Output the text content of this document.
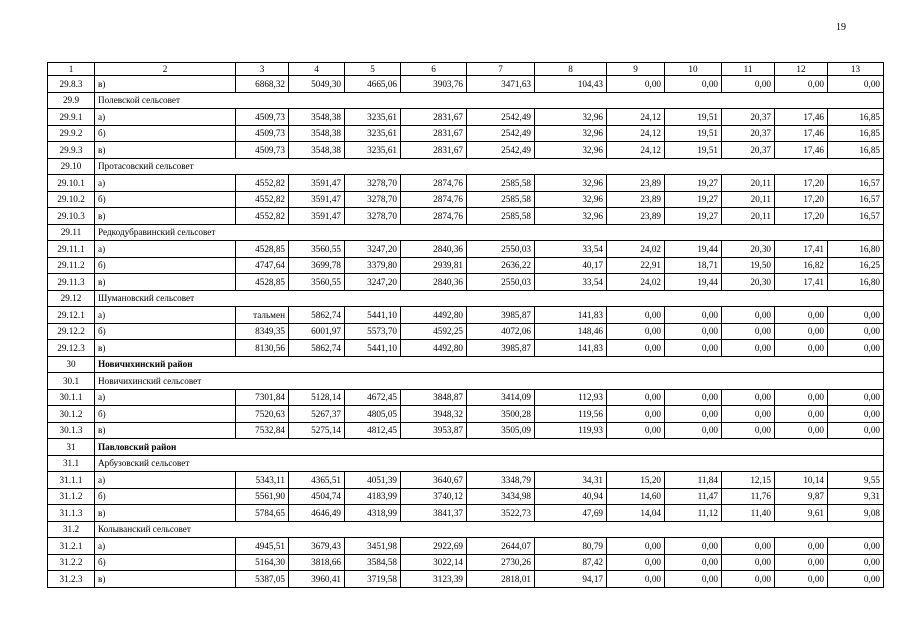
19
1	2	3	4	5	6	7	8	9	10	11	12	13
29.8.3	в)	6868,32	5049,30	4665,06	3903,76	3471,63	104,43	0,00	0,00	0,00	0,00	0,00
29.9	Полевской сельсовет											
29.9.1	а)	4509,73	3548,38	3235,61	2831,67	2542,49	32,96	24,12	19,51	20,37	17,46	16,85
29.9.2	б)	4509,73	3548,38	3235,61	2831,67	2542,49	32,96	24,12	19,51	20,37	17,46	16,85
29.9.3	в)	4509,73	3548,38	3235,61	2831,67	2542,49	32,96	24,12	19,51	20,37	17,46	16,85
29.10	Протасовский сельсовет											
29.10.1	а)	4552,82	3591,47	3278,70	2874,76	2585,58	32,96	23,89	19,27	20,11	17,20	16,57
29.10.2	б)	4552,82	3591,47	3278,70	2874,76	2585,58	32,96	23,89	19,27	20,11	17,20	16,57
29.10.3	в)	4552,82	3591,47	3278,70	2874,76	2585,58	32,96	23,89	19,27	20,11	17,20	16,57
29.11	Редкодубравинский сельсовет											
29.11.1	а)	4528,85	3560,55	3247,20	2840,36	2550,03	33,54	24,02	19,44	20,30	17,41	16,80
29.11.2	б)	4747,64	3699,78	3379,80	2939,81	2636,22	40,17	22,91	18,71	19,50	16,82	16,25
29.11.3	в)	4528,85	3560,55	3247,20	2840,36	2550,03	33,54	24,02	19,44	20,30	17,41	16,80
29.12	Шумановский сельсовет											
29.12.1	а)	тальмен	5862,74	5441,10	4492,80	3985,87	141,83	0,00	0,00	0,00	0,00	0,00
29.12.2	б)	8349,35	6001,97	5573,70	4592,25	4072,06	148,46	0,00	0,00	0,00	0,00	0,00
29.12.3	в)	8130,56	5862,74	5441,10	4492,80	3985,87	141,83	0,00	0,00	0,00	0,00	0,00
30	Новичихинский район											
30.1	Новичихинский сельсовет											
30.1.1	а)	7301,84	5128,14	4672,45	3848,87	3414,09	112,93	0,00	0,00	0,00	0,00	0,00
30.1.2	б)	7520,63	5267,37	4805,05	3948,32	3500,28	119,56	0,00	0,00	0,00	0,00	0,00
30.1.3	в)	7532,84	5275,14	4812,45	3953,87	3505,09	119,93	0,00	0,00	0,00	0,00	0,00
31	Павловский район											
31.1	Арбузовский сельсовет											
31.1.1	а)	5343,11	4365,51	4051,39	3640,67	3348,79	34,31	15,20	11,84	12,15	10,14	9,55
31.1.2	б)	5561,90	4504,74	4183,99	3740,12	3434,98	40,94	14,60	11,47	11,76	9,87	9,31
31.1.3	в)	5784,65	4646,49	4318,99	3841,37	3522,73	47,69	14,04	11,12	11,40	9,61	9,08
31.2	Колыванский сельсовет											
31.2.1	а)	4945,51	3679,43	3451,98	2922,69	2644,07	80,79	0,00	0,00	0,00	0,00	0,00
31.2.2	б)	5164,30	3818,66	3584,58	3022,14	2730,26	87,42	0,00	0,00	0,00	0,00	0,00
31.2.3	в)	5387,05	3960,41	3719,58	3123,39	2818,01	94,17	0,00	0,00	0,00	0,00	0,00
